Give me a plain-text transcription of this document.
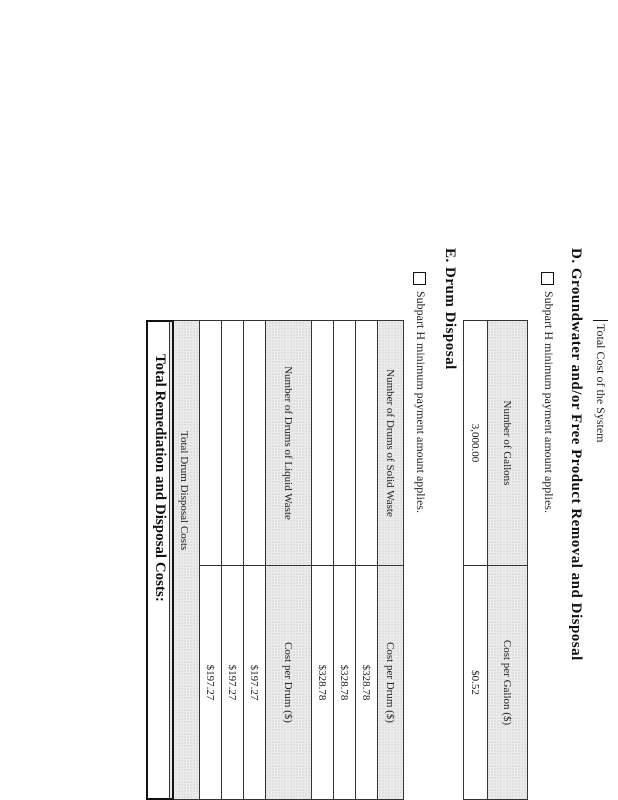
Total Cost of the System
D. Groundwater and/or Free Product Removal and Disposal
Subpart H minimum payment amount applies.
Number of Gallons	Cost per Gallon ($)
3,000.00	$0.52
E. Drum Disposal
Subpart H minimum payment amount applies.
Number of Drums of Solid Waste	Cost per Drum ($)
	$328.78
	$328.78
	$328.78
Number of Drums of Liquid Waste	Cost per Drum ($)
	$197.27
	$197.27
	$197.27
Total Drum Disposal Costs	
Total Remediation and Disposal Costs:
